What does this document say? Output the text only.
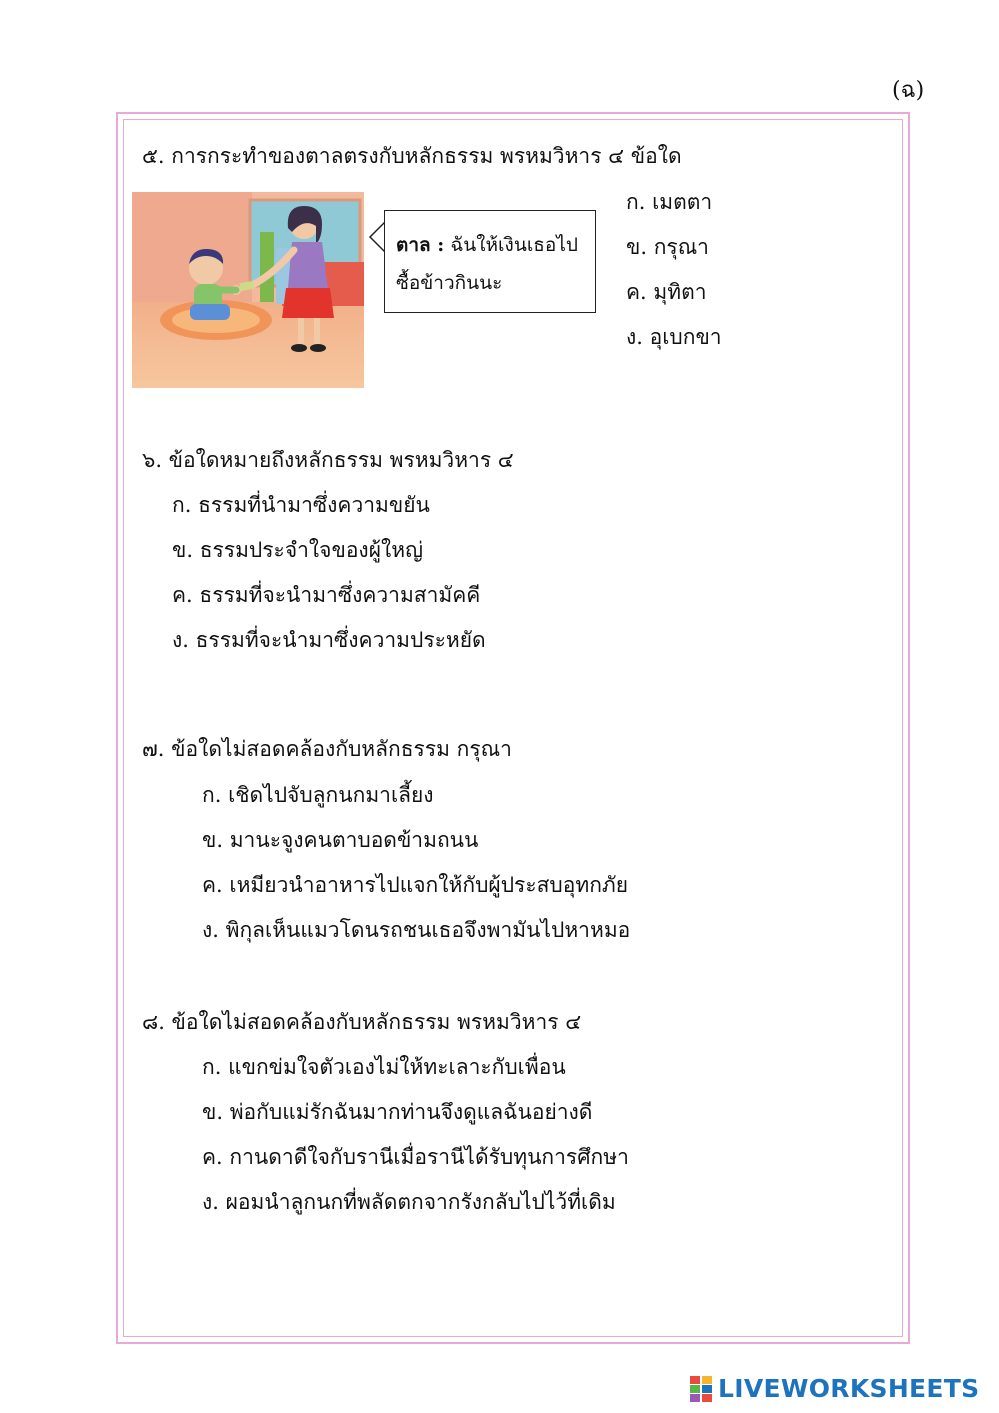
(ฉ)
๕. การกระทำของตาลตรงกับหลักธรรม พรหมวิหาร ๔ ข้อใด
ตาล : ฉันให้เงินเธอไป
ซื้อข้าวกินนะ
ก. เมตตา
ข. กรุณา
ค. มุทิตา
ง. อุเบกขา
๖. ข้อใดหมายถึงหลักธรรม พรหมวิหาร ๔
ก. ธรรมที่นำมาซึ่งความขยัน
ข. ธรรมประจำใจของผู้ใหญ่
ค. ธรรมที่จะนำมาซึ่งความสามัคคี
ง. ธรรมที่จะนำมาซึ่งความประหยัด
๗. ข้อใดไม่สอดคล้องกับหลักธรรม กรุณา
ก. เชิดไปจับลูกนกมาเลี้ยง
ข. มานะจูงคนตาบอดข้ามถนน
ค. เหมียวนำอาหารไปแจกให้กับผู้ประสบอุทกภัย
ง. พิกุลเห็นแมวโดนรถชนเธอจึงพามันไปหาหมอ
๘. ข้อใดไม่สอดคล้องกับหลักธรรม พรหมวิหาร ๔
ก. แขกข่มใจตัวเองไม่ให้ทะเลาะกับเพื่อน
ข. พ่อกับแม่รักฉันมากท่านจึงดูแลฉันอย่างดี
ค. กานดาดีใจกับรานีเมื่อรานีได้รับทุนการศึกษา
ง. ผอมนำลูกนกที่พลัดตกจากรังกลับไปไว้ที่เดิม
LIVEWORKSHEETS
